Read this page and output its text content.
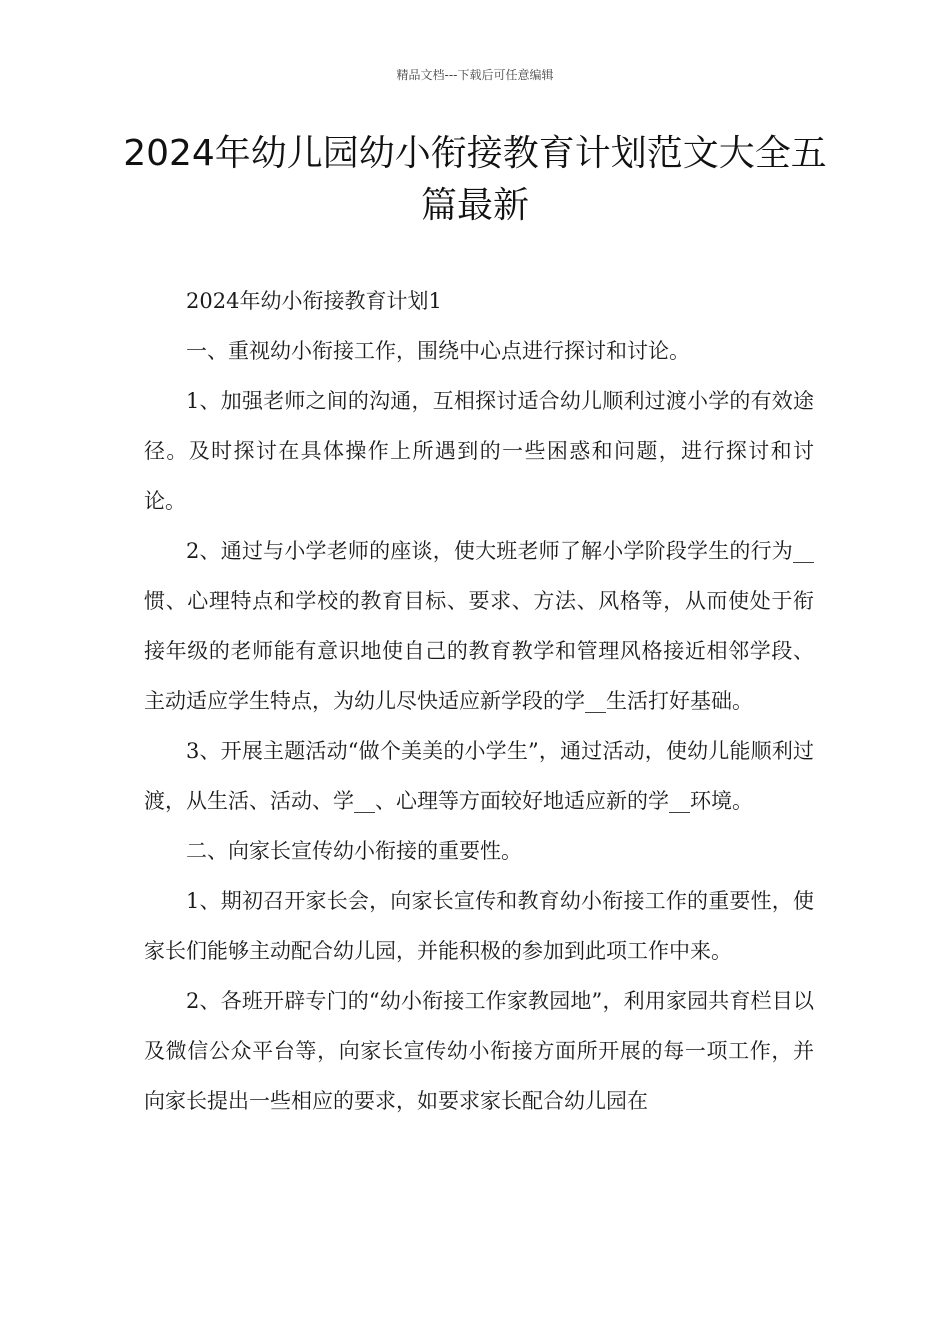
精品文档---下载后可任意编辑
2024年幼儿园幼小衔接教育计划范文大全五篇最新

2024年幼小衔接教育计划1

一、重视幼小衔接工作，围绕中心点进行探讨和讨论。

1、加强老师之间的沟通，互相探讨适合幼儿顺利过渡小学的有效途径。及时探讨在具体操作上所遇到的一些困惑和问题，进行探讨和讨论。

2、通过与小学老师的座谈，使大班老师了解小学阶段学生的行为__惯、心理特点和学校的教育目标、要求、方法、风格等，从而使处于衔接年级的老师能有意识地使自己的教育教学和管理风格接近相邻学段、主动适应学生特点，为幼儿尽快适应新学段的学__生活打好基础。

3、开展主题活动“做个美美的小学生”，通过活动，使幼儿能顺利过渡，从生活、活动、学__、心理等方面较好地适应新的学__环境。

二、向家长宣传幼小衔接的重要性。

1、期初召开家长会，向家长宣传和教育幼小衔接工作的重要性，使家长们能够主动配合幼儿园，并能积极的参加到此项工作中来。

2、各班开辟专门的“幼小衔接工作家教园地”，利用家园共育栏目以及微信公众平台等，向家长宣传幼小衔接方面所开展的每一项工作，并向家长提出一些相应的要求，如要求家长配合幼儿园在
